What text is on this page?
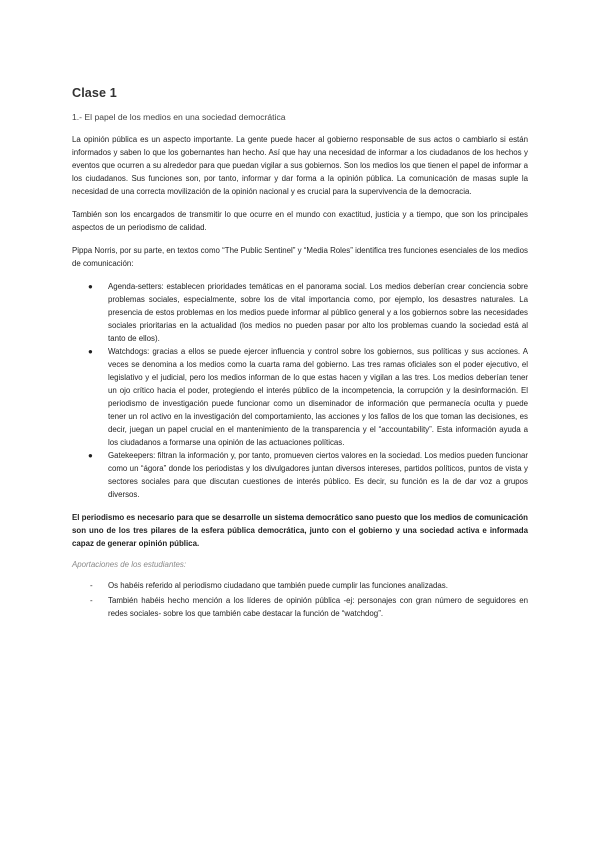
Clase 1
1.- El papel de los medios en una sociedad democrática

La opinión pública es un aspecto importante. La gente puede hacer al gobierno responsable de sus actos o cambiarlo si están informados y saben lo que los gobernantes han hecho. Así que hay una necesidad de informar a los ciudadanos de los hechos y eventos que ocurren a su alrededor para que puedan vigilar a sus gobiernos. Son los medios los que tienen el papel de informar a los ciudadanos. Sus funciones son, por tanto, informar y dar forma a la opinión pública. La comunicación de masas suple la necesidad de una correcta movilización de la opinión nacional y es crucial para la supervivencia de la democracia.

También son los encargados de transmitir lo que ocurre en el mundo con exactitud, justicia y a tiempo, que son los principales aspectos de un periodismo de calidad.

Pippa Norris, por su parte, en textos como “The Public Sentinel” y “Media Roles” identifica tres funciones esenciales de los medios de comunicación:

● Agenda-setters: establecen prioridades temáticas en el panorama social. Los medios deberían crear conciencia sobre problemas sociales, especialmente, sobre los de vital importancia como, por ejemplo, los desastres naturales. La presencia de estos problemas en los medios puede informar al público general y a los gobiernos sobre las necesidades sociales prioritarias en la actualidad (los medios no pueden pasar por alto los problemas cuando la sociedad está al tanto de ellos).
● Watchdogs: gracias a ellos se puede ejercer influencia y control sobre los gobiernos, sus políticas y sus acciones. A veces se denomina a los medios como la cuarta rama del gobierno. Las tres ramas oficiales son el poder ejecutivo, el legislativo y el judicial, pero los medios informan de lo que estas hacen y vigilan a las tres. Los medios deberían tener un ojo crítico hacia el poder, protegiendo el interés público de la incompetencia, la corrupción y la desinformación. El periodismo de investigación puede funcionar como un diseminador de información que permanecía oculta y puede tener un rol activo en la investigación del comportamiento, las acciones y los fallos de los que toman las decisiones, es decir, juegan un papel crucial en el mantenimiento de la transparencia y el “accountability”. Esta información ayuda a los ciudadanos a formarse una opinión de las actuaciones políticas.
● Gatekeepers: filtran la información y, por tanto, promueven ciertos valores en la sociedad. Los medios pueden funcionar como un “ágora” donde los periodistas y los divulgadores juntan diversos intereses, partidos políticos, puntos de vista y sectores sociales para que discutan cuestiones de interés público. Es decir, su función es la de dar voz a grupos diversos.

El periodismo es necesario para que se desarrolle un sistema democrático sano puesto que los medios de comunicación son uno de los tres pilares de la esfera pública democrática, junto con el gobierno y una sociedad activa e informada capaz de generar opinión pública.

Aportaciones de los estudiantes:
- Os habéis referido al periodismo ciudadano que también puede cumplir las funciones analizadas.
- También habéis hecho mención a los líderes de opinión pública -ej: personajes con gran número de seguidores en redes sociales- sobre los que también cabe destacar la función de “watchdog”.
